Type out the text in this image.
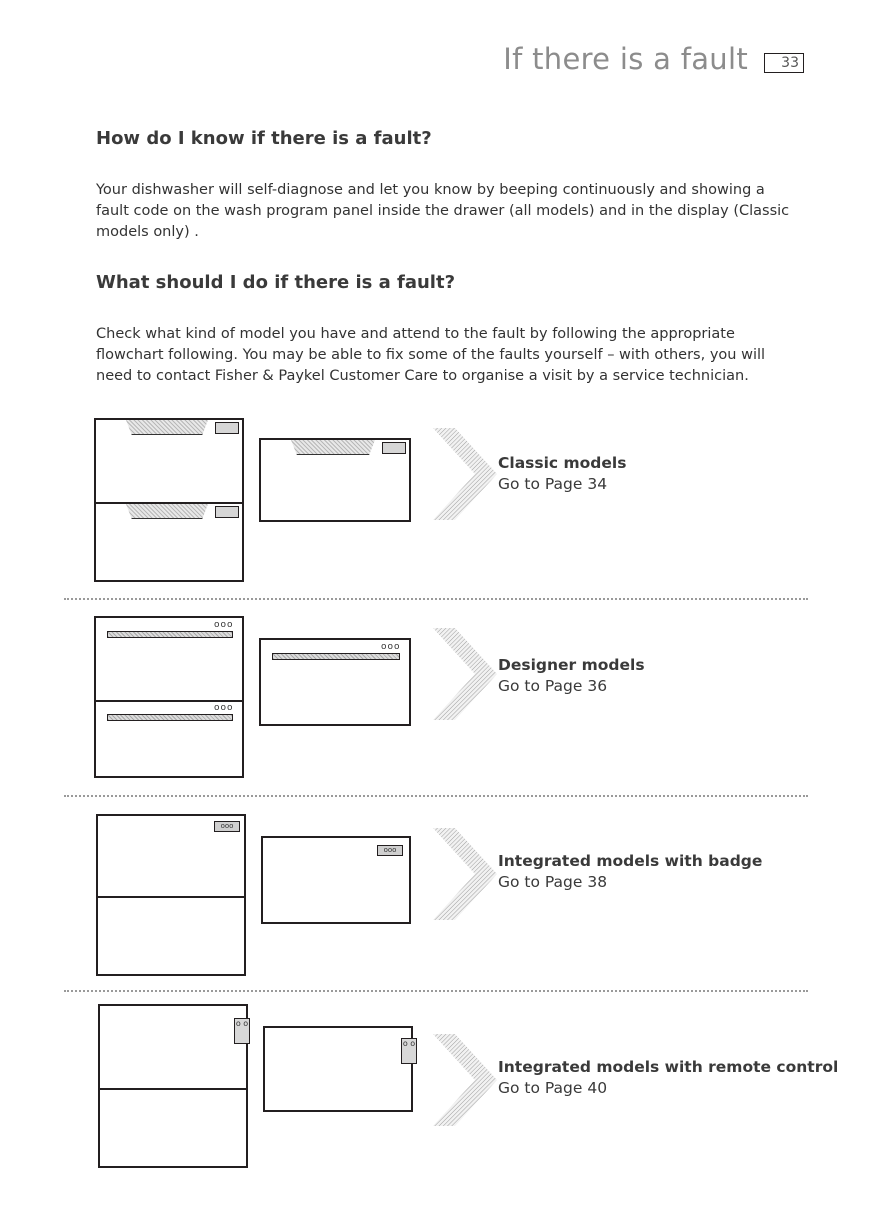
If there is a fault	33
How do I know if there is a fault?
Your dishwasher will self-diagnose and let you know by beeping continuously and showing a fault code on the wash program panel inside the drawer (all models) and in the display (Classic models only) .
What should I do if there is a fault?
Check what kind of model you have and attend to the fault by following the appropriate flowchart following. You may be able to fix some of the faults yourself – with others, you will need to contact Fisher & Paykel Customer Care to organise a visit by a service technician.
Classic models
Go to Page 34
ooo
ooo
ooo
Designer models
Go to Page 36
ooo
ooo
Integrated models with badge
Go to Page 38
o o
o o
Integrated models with remote control
Go to Page 40
